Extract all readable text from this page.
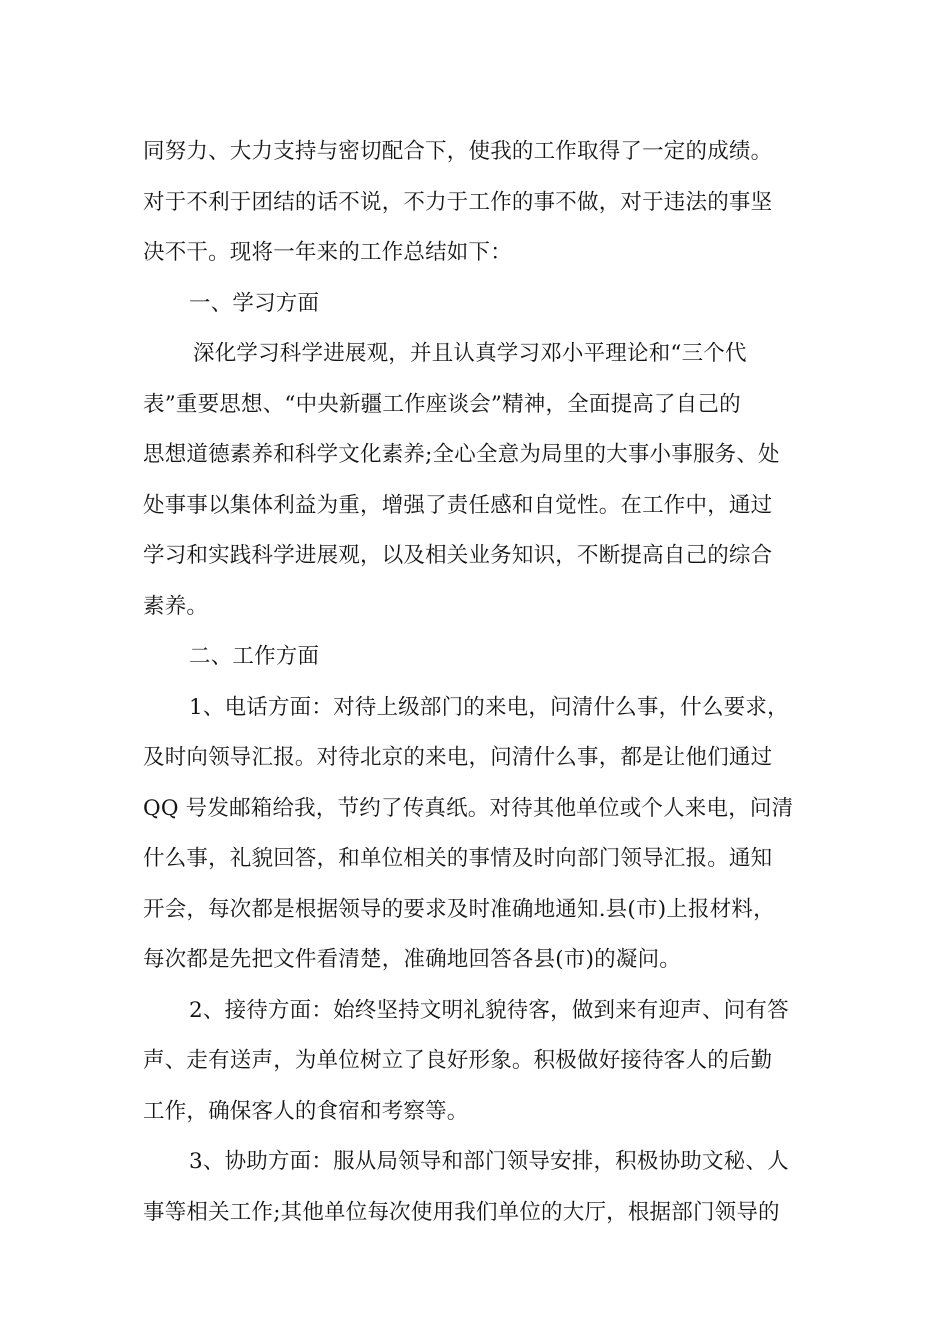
同努力、大力支持与密切配合下，使我的工作取得了一定的成绩。
对于不利于团结的话不说，不力于工作的事不做，对于违法的事坚
决不干。现将一年来的工作总结如下：
一、学习方面
深化学习科学进展观，并且认真学习邓小平理论和“三个代
表”重要思想、“中央新疆工作座谈会”精神，全面提高了自己的
思想道德素养和科学文化素养;全心全意为局里的大事小事服务、处
处事事以集体利益为重，增强了责任感和自觉性。在工作中，通过
学习和实践科学进展观，以及相关业务知识，不断提高自己的综合
素养。
二、工作方面
1、电话方面：对待上级部门的来电，问清什么事，什么要求，
及时向领导汇报。对待北京的来电，问清什么事，都是让他们通过
QQ 号发邮箱给我，节约了传真纸。对待其他单位或个人来电，问清
什么事，礼貌回答，和单位相关的事情及时向部门领导汇报。通知
开会，每次都是根据领导的要求及时准确地通知.县(市)上报材料，
每次都是先把文件看清楚，准确地回答各县(市)的凝问。
2、接待方面：始终坚持文明礼貌待客，做到来有迎声、问有答
声、走有送声，为单位树立了良好形象。积极做好接待客人的后勤
工作，确保客人的食宿和考察等。
3、协助方面：服从局领导和部门领导安排，积极协助文秘、人
事等相关工作;其他单位每次使用我们单位的大厅，根据部门领导的
